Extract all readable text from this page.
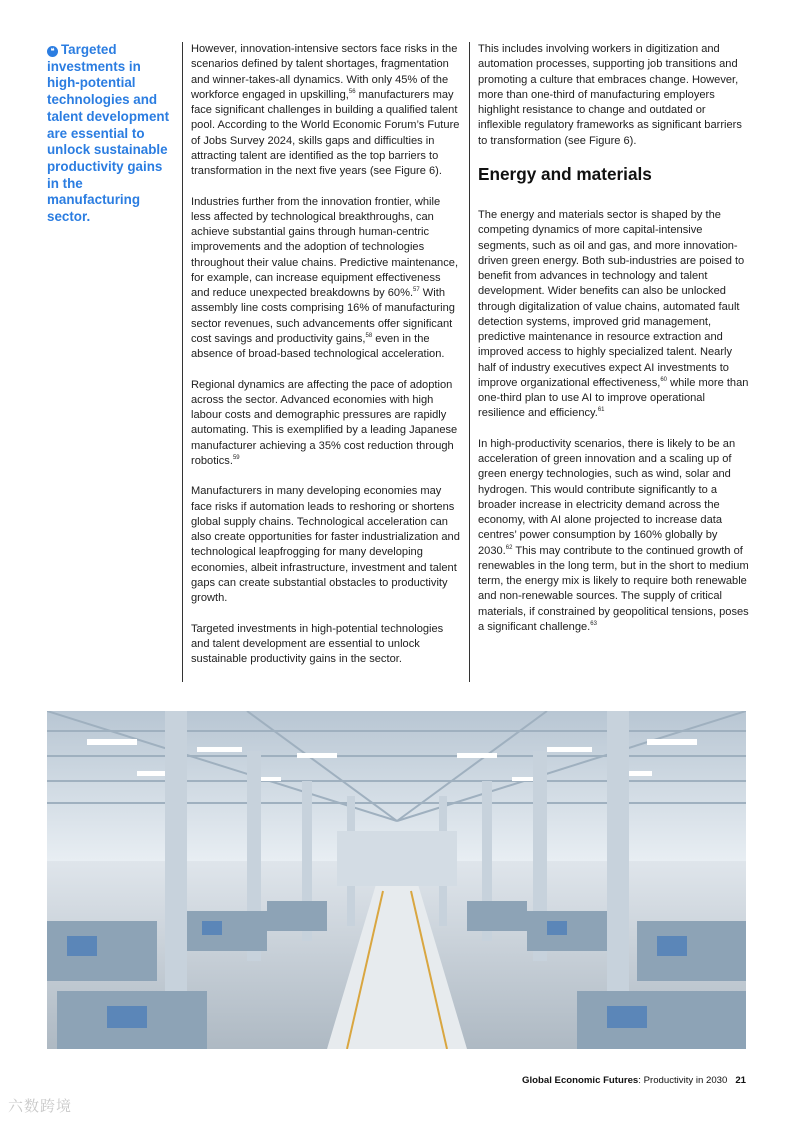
❝ Targeted investments in high-potential technologies and talent development are essential to unlock sustainable productivity gains in the manufacturing sector.

However, innovation-intensive sectors face risks in the scenarios defined by talent shortages, fragmentation and winner-takes-all dynamics. With only 45% of the workforce engaged in upskilling,$^{56}$ manufacturers may face significant challenges in building a qualified talent pool. According to the World Economic Forum’s Future of Jobs Survey 2024, skills gaps and difficulties in attracting talent are identified as the top barriers to transformation in the next five years (see Figure 6).

Industries further from the innovation frontier, while less affected by technological breakthroughs, can achieve substantial gains through human-centric improvements and the adoption of technologies throughout their value chains. Predictive maintenance, for example, can increase equipment effectiveness and reduce unexpected breakdowns by 60%.$^{57}$ With assembly line costs comprising 16% of manufacturing sector revenues, such advancements offer significant cost savings and productivity gains,$^{58}$ even in the absence of broad-based technological acceleration.

Regional dynamics are affecting the pace of adoption across the sector. Advanced economies with high labour costs and demographic pressures are rapidly automating. This is exemplified by a leading Japanese manufacturer achieving a 35% cost reduction through robotics.$^{59}$

Manufacturers in many developing economies may face risks if automation leads to reshoring or shortens global supply chains. Technological acceleration can also create opportunities for faster industrialization and technological leapfrogging for many developing economies, albeit infrastructure, investment and talent gaps can create substantial obstacles to productivity growth.

Targeted investments in high-potential technologies and talent development are essential to unlock sustainable productivity gains in the sector.

This includes involving workers in digitization and automation processes, supporting job transitions and promoting a culture that embraces change. However, more than one-third of manufacturing employers highlight resistance to change and outdated or inflexible regulatory frameworks as significant barriers to transformation (see Figure 6).

Energy and materials

The energy and materials sector is shaped by the competing dynamics of more capital-intensive segments, such as oil and gas, and more innovation-driven green energy. Both sub-industries are poised to benefit from advances in technology and talent development. Wider benefits can also be unlocked through digitalization of value chains, automated fault detection systems, improved grid management, predictive maintenance in resource extraction and improved access to highly specialized talent. Nearly half of industry executives expect AI investments to improve organizational effectiveness,$^{60}$ while more than one-third plan to use AI to improve operational resilience and efficiency.$^{61}$

In high-productivity scenarios, there is likely to be an acceleration of green innovation and a scaling up of green energy technologies, such as wind, solar and hydrogen. This would contribute significantly to a broader increase in electricity demand across the economy, with AI alone projected to increase data centres’ power consumption by 160% globally by 2030.62 This may contribute to the continued growth of renewables in the long term, but in the short to medium term, the energy mix is likely to require both renewable and non-renewable sources. The supply of critical materials, if constrained by geopolitical tensions, poses a significant challenge.$^{63}$

Global Economic Futures: Productivity in 2030 21
六数跨境
